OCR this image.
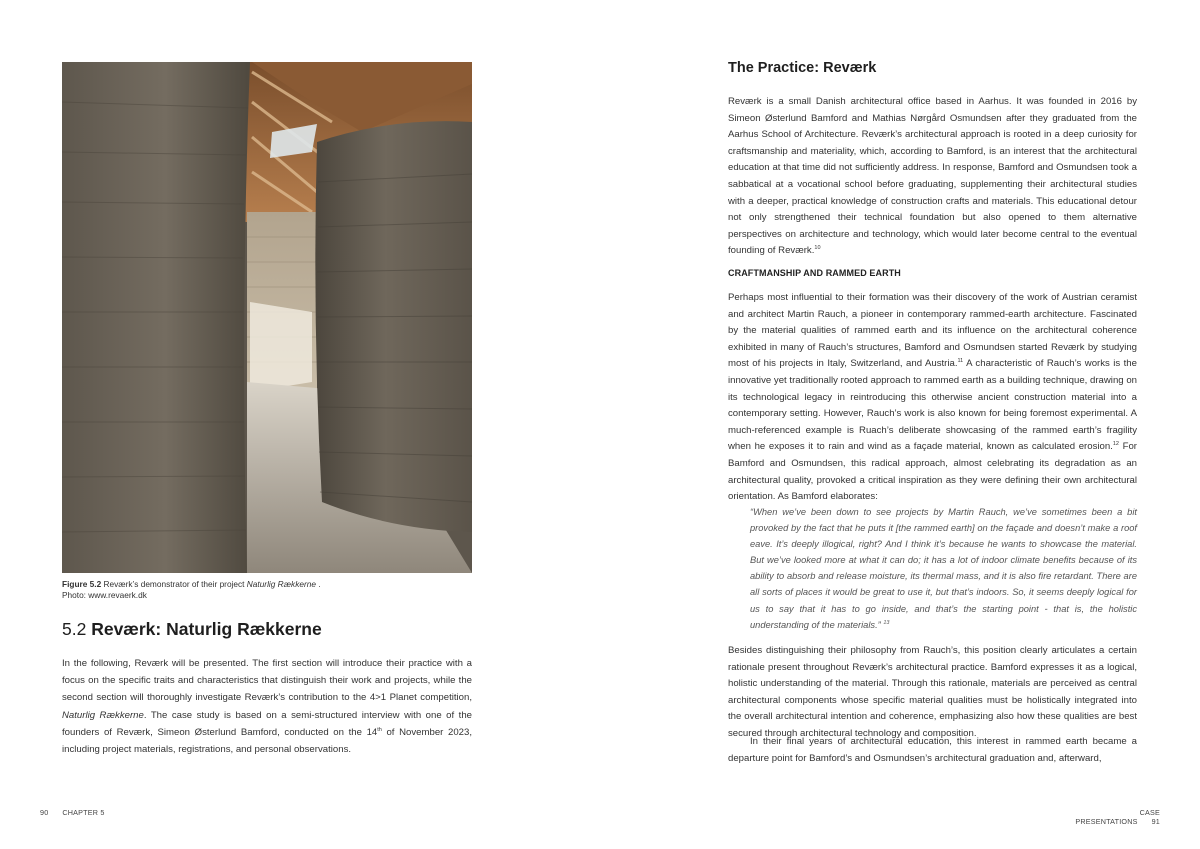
Figure 5.2 Reværk’s demonstrator of their project Naturlig Rækkerne .
Photo: www.revaerk.dk
5.2 Reværk: Naturlig Rækkerne
In the following, Reværk will be presented. The first section will introduce their practice with a focus on the specific traits and characteristics that distinguish their work and projects, while the second section will thoroughly investigate Reværk’s contribution to the 4>1 Planet competition, Naturlig Rækkerne. The case study is based on a semi-structured interview with one of the founders of Reværk, Simeon Østerlund Bamford, conducted on the 14th of November 2023, including project materials, registrations, and personal observations.
90 CHAPTER 5
The Practice: Reværk

Reværk is a small Danish architectural office based in Aarhus. It was founded in 2016 by Simeon Østerlund Bamford and Mathias Nørgård Osmundsen after they graduated from the Aarhus School of Architecture. Reværk’s architectural approach is rooted in a deep curiosity for craftsmanship and materiality, which, according to Bamford, is an interest that the architectural education at that time did not sufficiently address. In response, Bamford and Osmundsen took a sabbatical at a vocational school before graduating, supplementing their architectural studies with a deeper, practical knowledge of construction crafts and materials. This educational detour not only strengthened their technical foundation but also opened to them alternative perspectives on architecture and technology, which would later become central to the eventual founding of Reværk.$^{10}$

CRAFTMANSHIP AND RAMMED EARTH

Perhaps most influential to their formation was their discovery of the work of Austrian ceramist and architect Martin Rauch, a pioneer in contemporary rammed-earth architecture. Fascinated by the material qualities of rammed earth and its influence on the architectural coherence exhibited in many of Rauch’s structures, Bamford and Osmundsen started Reværk by studying most of his projects in Italy, Switzerland, and Austria.$^{11}$ A characteristic of Rauch’s works is the innovative yet traditionally rooted approach to rammed earth as a building technique, drawing on its technological legacy in reintroducing this otherwise ancient construction material into a contemporary setting. However, Rauch’s work is also known for being foremost experimental. A much-referenced example is Ruach’s deliberate showcasing of the rammed earth’s fragility when he exposes it to rain and wind as a façade material, known as calculated erosion.$^{12}$ For Bamford and Osmundsen, this radical approach, almost celebrating its degradation as an architectural quality, provoked a critical inspiration as they were defining their own architectural orientation. As Bamford elaborates:

“When we’ve been down to see projects by Martin Rauch, we’ve sometimes been a bit provoked by the fact that he puts it [the rammed earth] on the façade and doesn’t make a roof eave. It’s deeply illogical, right? And I think it’s because he wants to showcase the material. But we’ve looked more at what it can do; it has a lot of indoor climate benefits because of its ability to absorb and release moisture, its thermal mass, and it is also fire retardant. There are all sorts of places it would be great to use it, but that’s indoors. So, it seems deeply logical for us to say that it has to go inside, and that’s the starting point - that is, the holistic understanding of the materials.” $^{13}$

Besides distinguishing their philosophy from Rauch’s, this position clearly articulates a certain rationale present throughout Reværk’s architectural practice. Bamford expresses it as a logical, holistic understanding of the material. Through this rationale, materials are perceived as central architectural components whose specific material qualities must be holistically integrated into the overall architectural intention and coherence, emphasizing also how these qualities are best secured through architectural technology and composition.

In their final years of architectural education, this interest in rammed earth became a departure point for Bamford’s and Osmundsen’s architectural graduation and, afterward,

CASE PRESENTATIONS 91
